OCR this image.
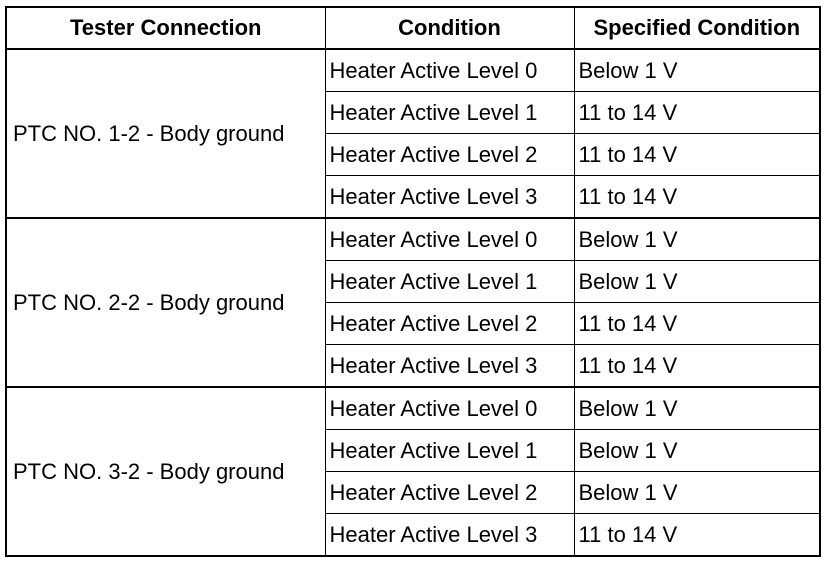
Tester Connection	Condition	Specified Condition
PTC NO. 1-2 - Body ground	Heater Active Level 0	Below 1 V
	Heater Active Level 1	11 to 14 V
	Heater Active Level 2	11 to 14 V
	Heater Active Level 3	11 to 14 V
PTC NO. 2-2 - Body ground	Heater Active Level 0	Below 1 V
	Heater Active Level 1	Below 1 V
	Heater Active Level 2	11 to 14 V
	Heater Active Level 3	11 to 14 V
PTC NO. 3-2 - Body ground	Heater Active Level 0	Below 1 V
	Heater Active Level 1	Below 1 V
	Heater Active Level 2	Below 1 V
	Heater Active Level 3	11 to 14 V
